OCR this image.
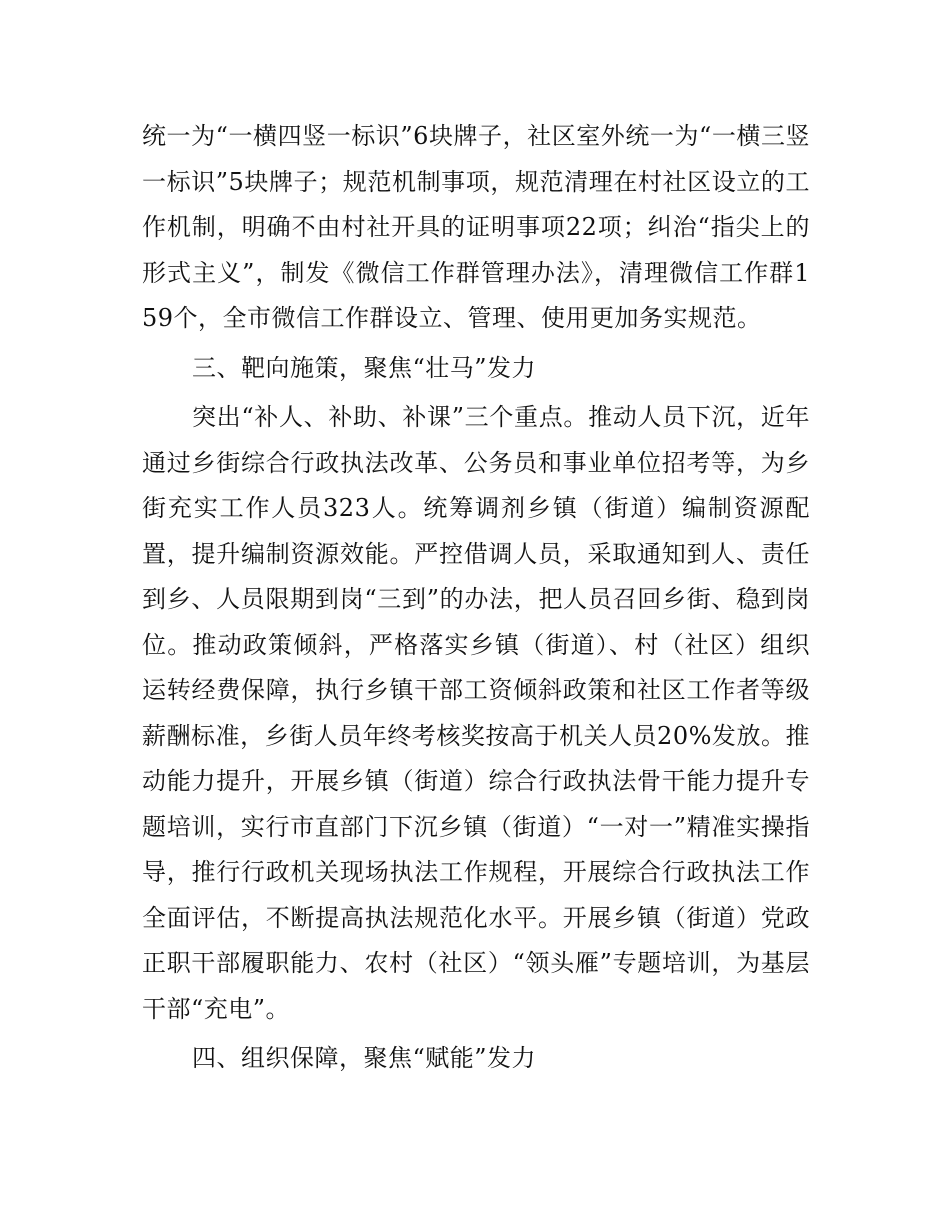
统一为“一横四竖一标识”6块牌子，社区室外统一为“一横三竖一标识”5块牌子；规范机制事项，规范清理在村社区设立的工作机制，明确不由村社开具的证明事项22项；纠治“指尖上的形式主义”，制发《微信工作群管理办法》，清理微信工作群159个，全市微信工作群设立、管理、使用更加务实规范。

三、靶向施策，聚焦“壮马”发力

突出“补人、补助、补课”三个重点。推动人员下沉，近年通过乡街综合行政执法改革、公务员和事业单位招考等，为乡街充实工作人员323人。统筹调剂乡镇（街道）编制资源配置，提升编制资源效能。严控借调人员，采取通知到人、责任到乡、人员限期到岗“三到”的办法，把人员召回乡街、稳到岗位。推动政策倾斜，严格落实乡镇（街道）、村（社区）组织运转经费保障，执行乡镇干部工资倾斜政策和社区工作者等级薪酬标准，乡街人员年终考核奖按高于机关人员20%发放。推动能力提升，开展乡镇（街道）综合行政执法骨干能力提升专题培训，实行市直部门下沉乡镇（街道）“一对一”精准实操指导，推行行政机关现场执法工作规程，开展综合行政执法工作全面评估，不断提高执法规范化水平。开展乡镇（街道）党政正职干部履职能力、农村（社区）“领头雁”专题培训，为基层干部“充电”。

四、组织保障，聚焦“赋能”发力
